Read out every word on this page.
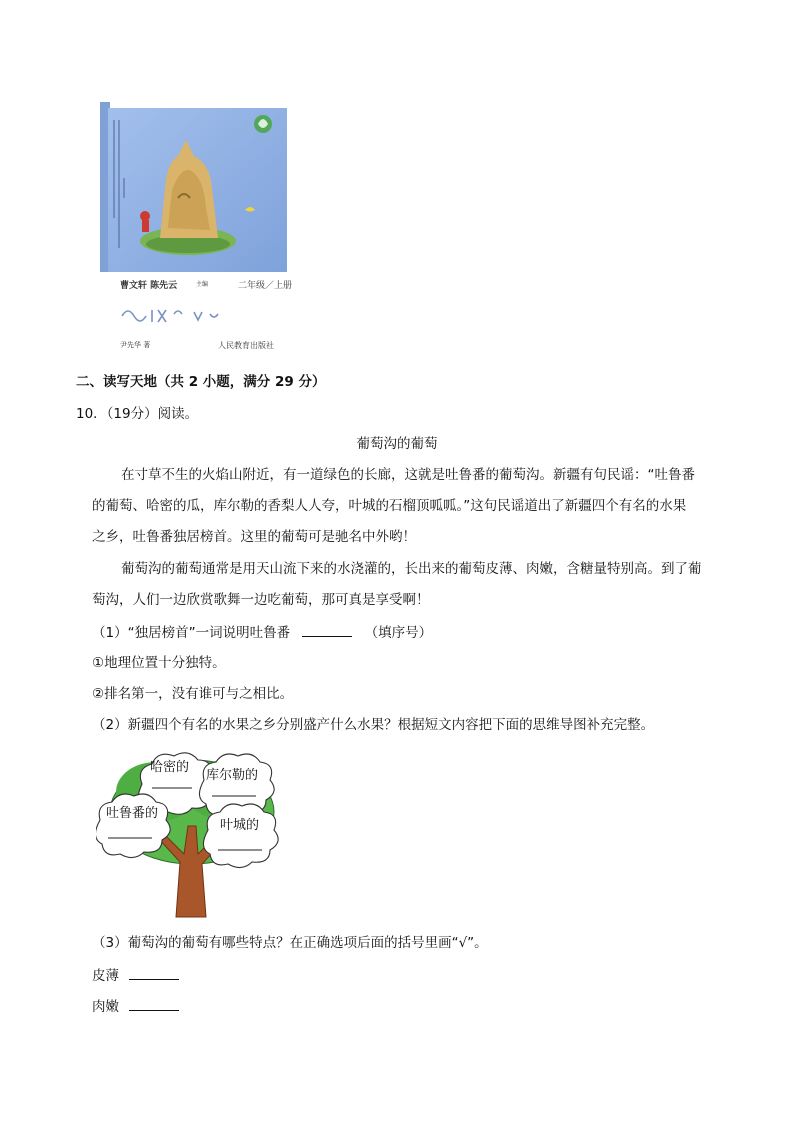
曹文轩 陈先云	主编	二年级／上册
尹先华 著	人民教育出版社
二、读写天地（共 2 小题，满分 29 分）
10．（19分）阅读。
葡萄沟的葡萄
在寸草不生的火焰山附近，有一道绿色的长廊，这就是吐鲁番的葡萄沟。新疆有句民谣：“吐鲁番
的葡萄、哈密的瓜，库尔勒的香梨人人夸，叶城的石榴顶呱呱。”这句民谣道出了新疆四个有名的水果
之乡，吐鲁番独居榜首。这里的葡萄可是驰名中外哟！
葡萄沟的葡萄通常是用天山流下来的水浇灌的，长出来的葡萄皮薄、肉嫩，含糖量特别高。到了葡
萄沟，人们一边欣赏歌舞一边吃葡萄，那可真是享受啊！
（1）“独居榜首”一词说明吐鲁番	（填序号）
①地理位置十分独特。
②排名第一，没有谁可与之相比。
（2）新疆四个有名的水果之乡分别盛产什么水果？根据短文内容把下面的思维导图补充完整。
哈密的
库尔勒的
吐鲁番的
叶城的
（3）葡萄沟的葡萄有哪些特点？在正确选项后面的括号里画“√”。
皮薄
肉嫩
